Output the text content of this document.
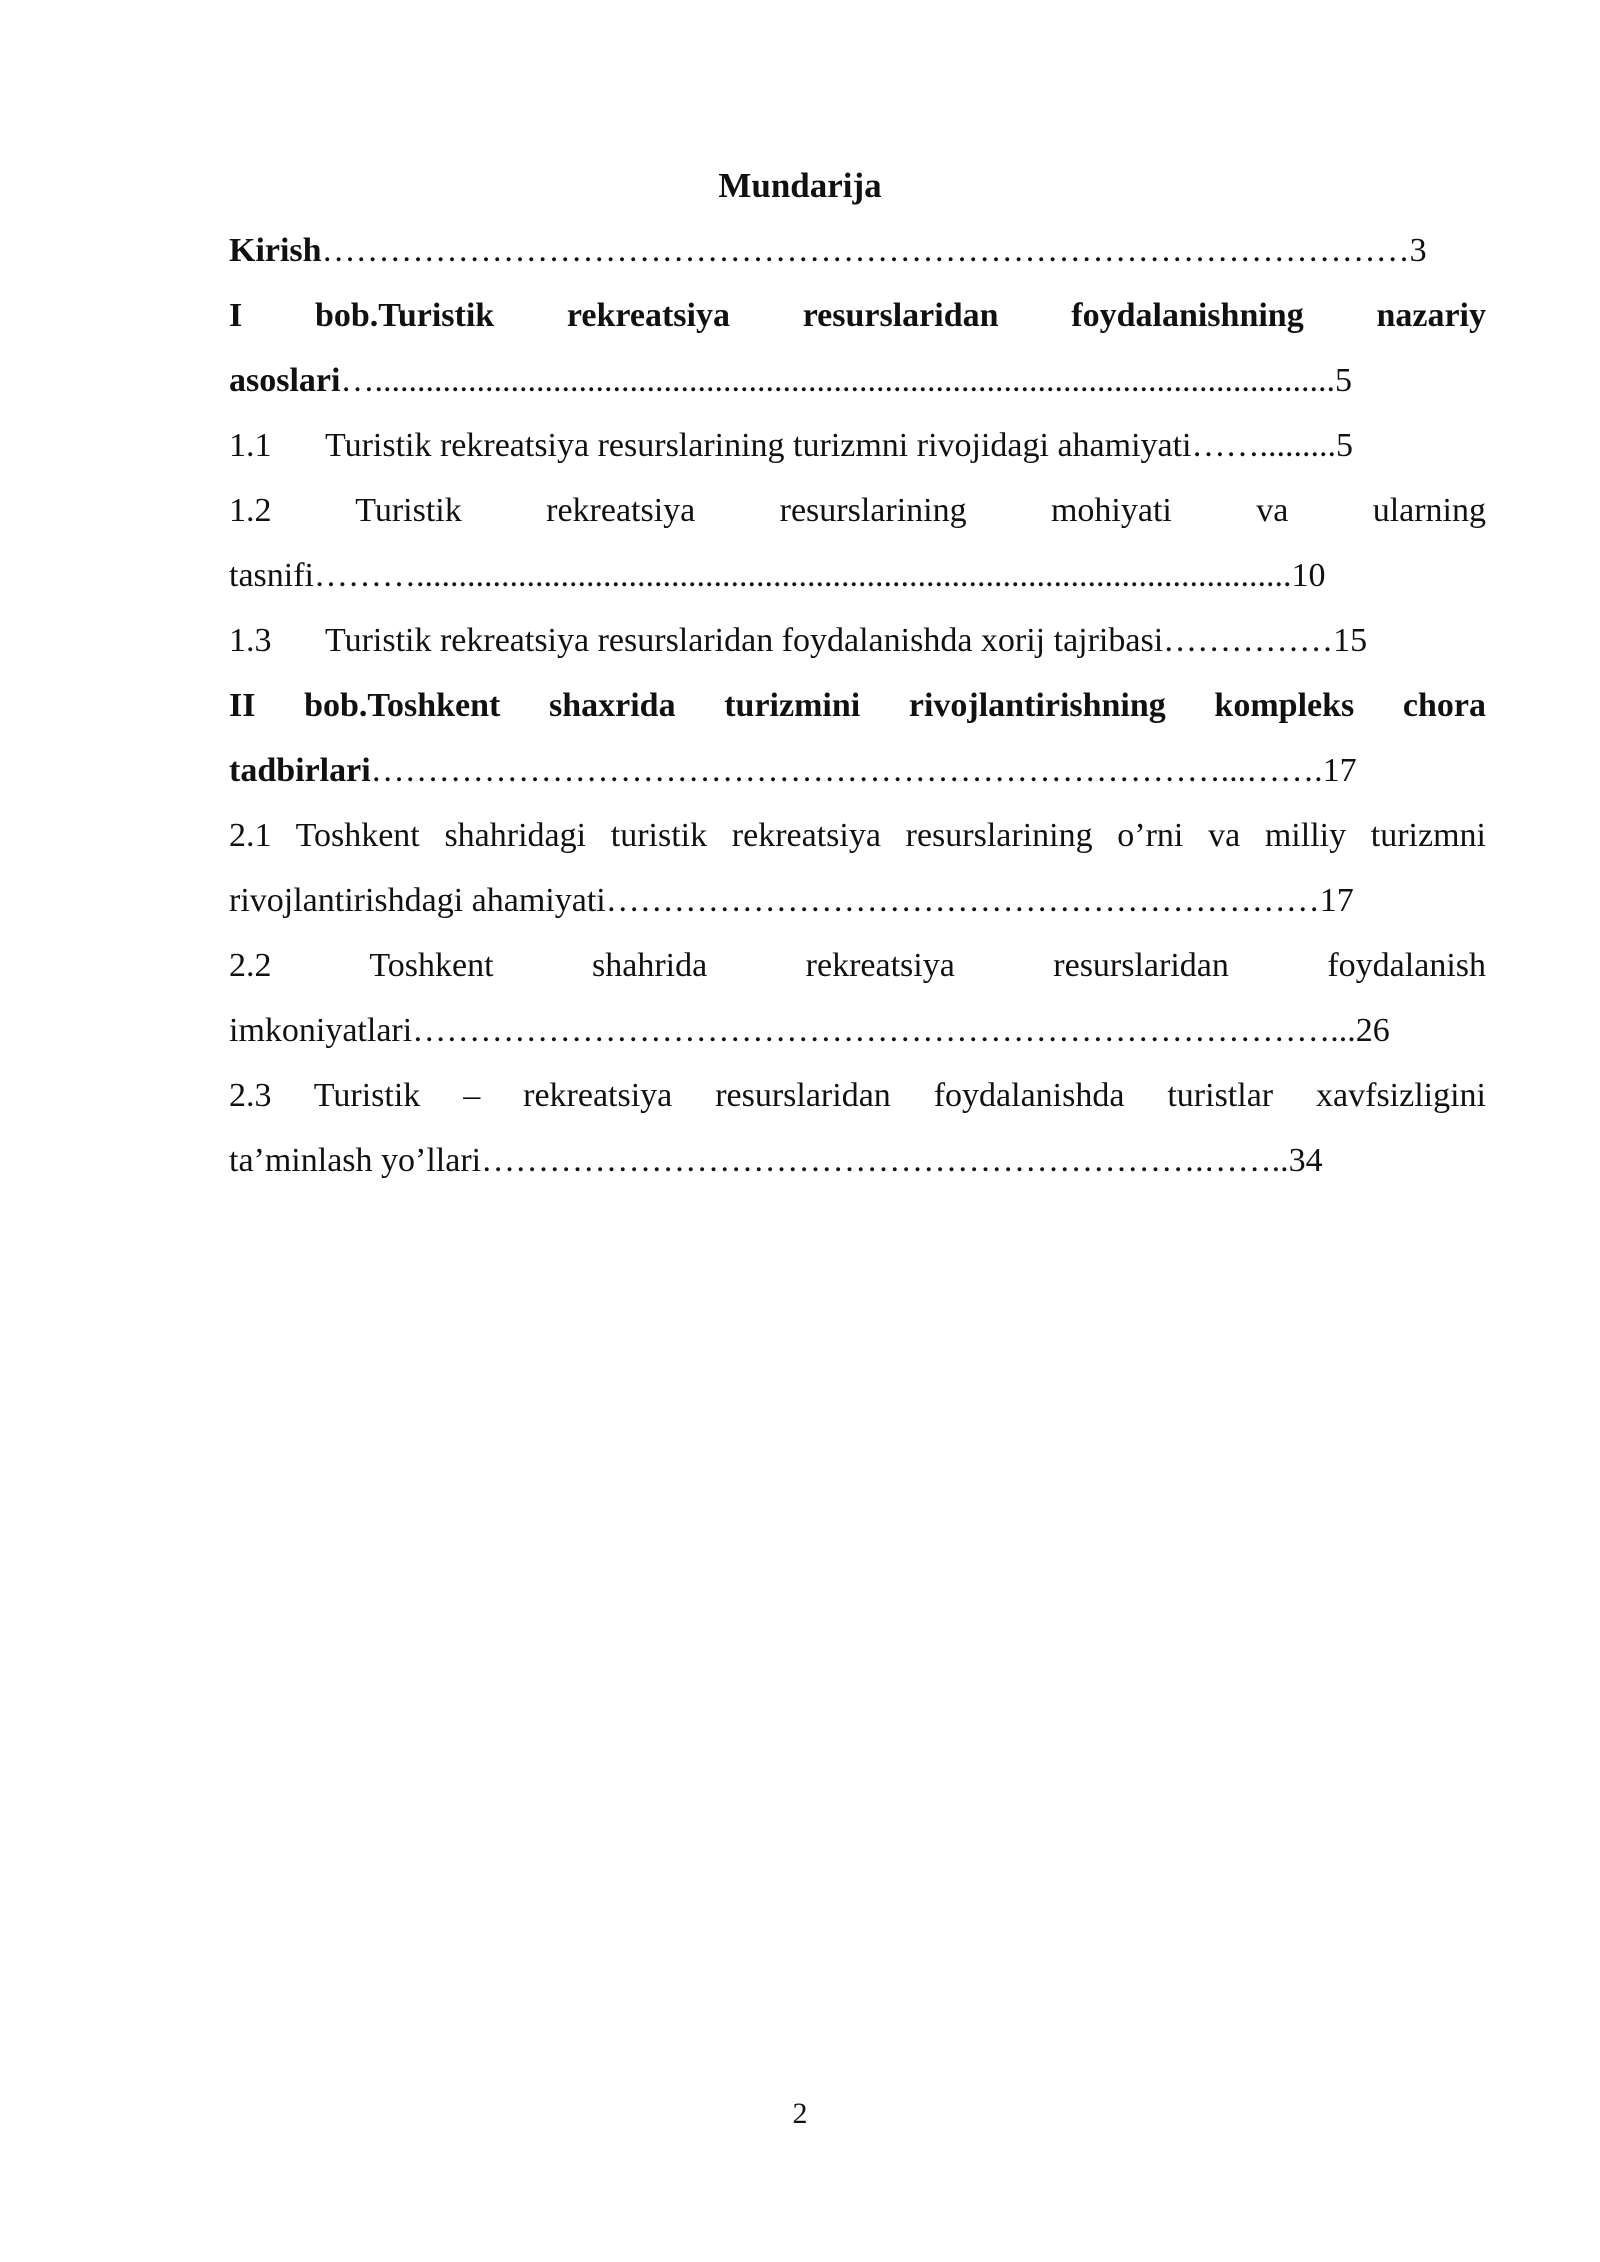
Mundarija
Kirish……………………………………………………………………………………3
I bob.Turistik rekreatsiya resurslaridan foydalanishning nazariy
asoslari….................................................................................................................5
1.1 Turistik rekreatsiya resurslarining turizmni rivojidagi ahamiyati…….........5
1.2 Turistik rekreatsiya resurslarining mohiyati va ularning
tasnifi……….......................................................................................................10
1.3 Turistik rekreatsiya resurslaridan foydalanishda xorij tajribasi……………15
II bob.Toshkent shaxrida turizmini rivojlantirishning kompleks chora
tadbirlari…………………………………………………………………...…….17
2.1 Toshkent shahridagi turistik rekreatsiya resurslarining o’rni va milliy turizmni
rivojlantirishdagi ahamiyati………………………………………………………17
2.2 Toshkent shahrida rekreatsiya resurslaridan foydalanish
imkoniyatlari………………………………………………………………………...26
2.3 Turistik – rekreatsiya resurslaridan foydalanishda turistlar xavfsizligini
ta’minlash yo’llari……………………………………………………….……..34
2
